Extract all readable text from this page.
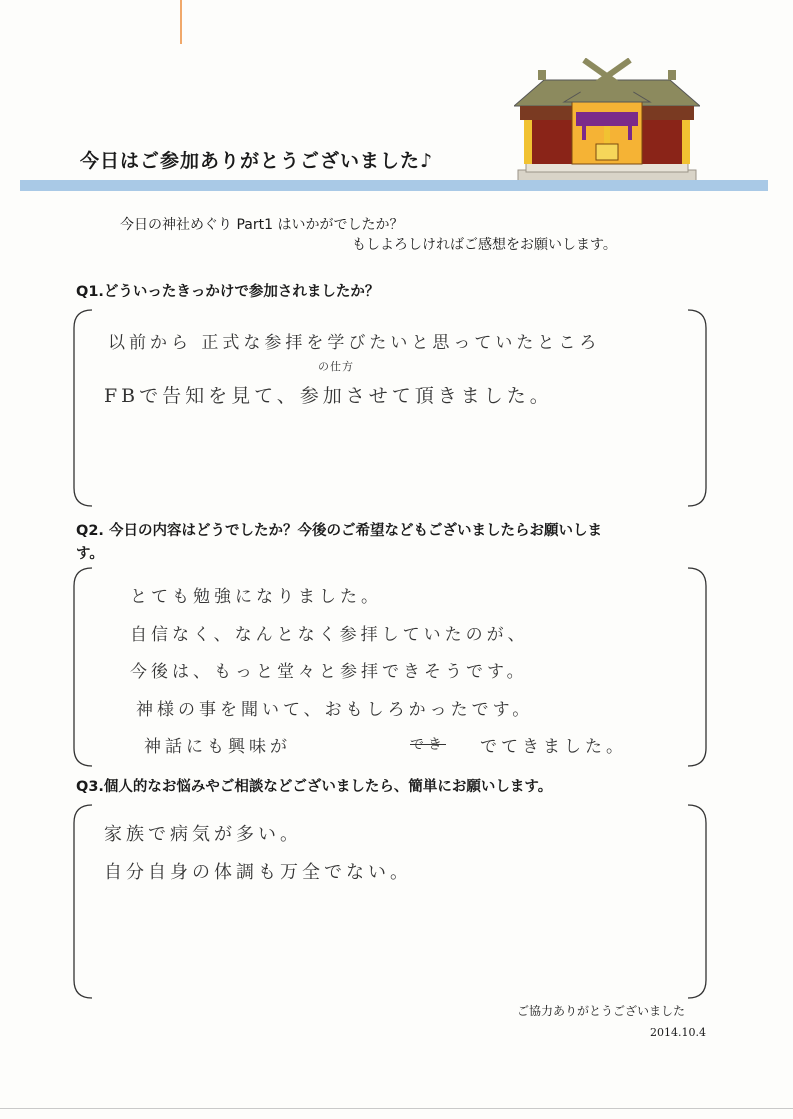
今日はご参加ありがとうございました♪
今日の神社めぐり Part1 はいかがでしたか？
もしよろしければご感想をお願いします。
Q1.どういったきっかけで参加されましたか？
以前から 正式な参拝を学びたいと思っていたところ
の仕方
FBで告知を見て、参加させて頂きました。
Q2. 今日の内容はどうでしたか？今後のご希望などもございましたらお願いしま
す。
とても勉強になりました。
自信なく、なんとなく参拝していたのが、
今後は、もっと堂々と参拝できそうです。
神様の事を聞いて、おもしろかったです。
神話にも興味が	でき でてきました。
Q3.個人的なお悩みやご相談などございましたら、簡単にお願いします。
家族で病気が多い。
自分自身の体調も万全でない。
ご協力ありがとうございました
2014.10.4
